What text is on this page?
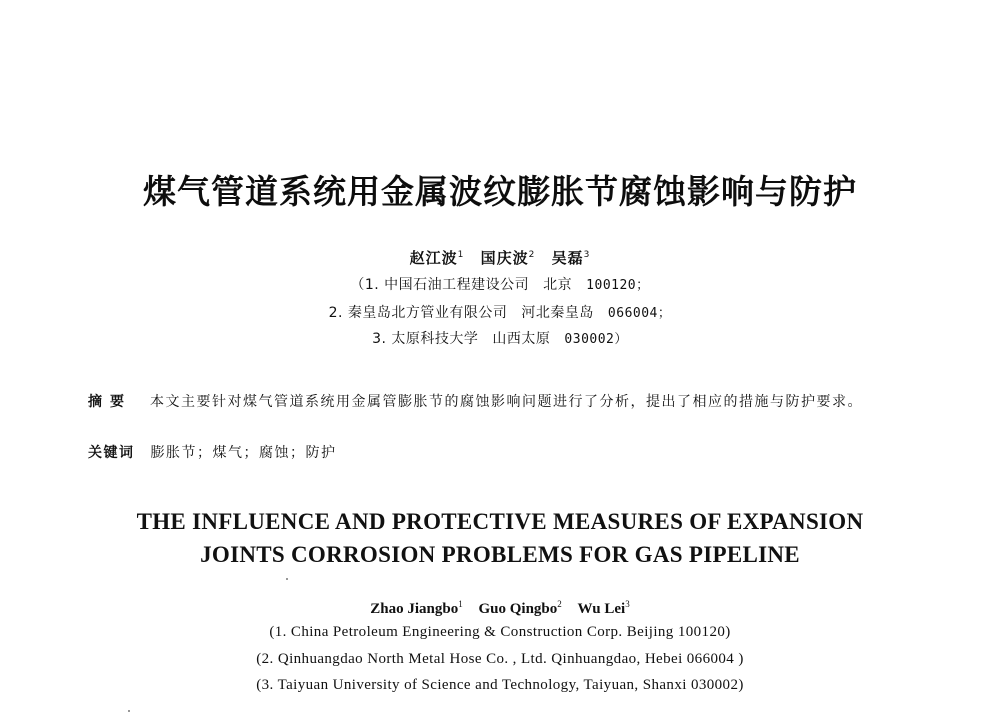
煤气管道系统用金属波纹膨胀节腐蚀影响与防护
赵江波$^1$ 国庆波$^2$ 吴磊$^3$
（1. 中国石油工程建设公司 北京 100120；
2. 秦皇岛北方管业有限公司 河北秦皇岛 066004；
3. 太原科技大学 山西太原 030002）
摘要 本文主要针对煤气管道系统用金属管膨胀节的腐蚀影响问题进行了分析，提出了相应的措施与防护要求。
关键词 膨胀节；煤气；腐蚀；防护
THE INFLUENCE AND PROTECTIVE MEASURES OF EXPANSION
JOINTS CORROSION PROBLEMS FOR GAS PIPELINE
Zhao Jiangbo$^1$ Guo Qingbo$^2$ Wu Lei$^3$
(1. China Petroleum Engineering & Construction Corp. Beijing 100120)
(2. Qinhuangdao North Metal Hose Co. , Ltd. Qinhuangdao, Hebei 066004 )
(3. Taiyuan University of Science and Technology, Taiyuan, Shanxi 030002)
